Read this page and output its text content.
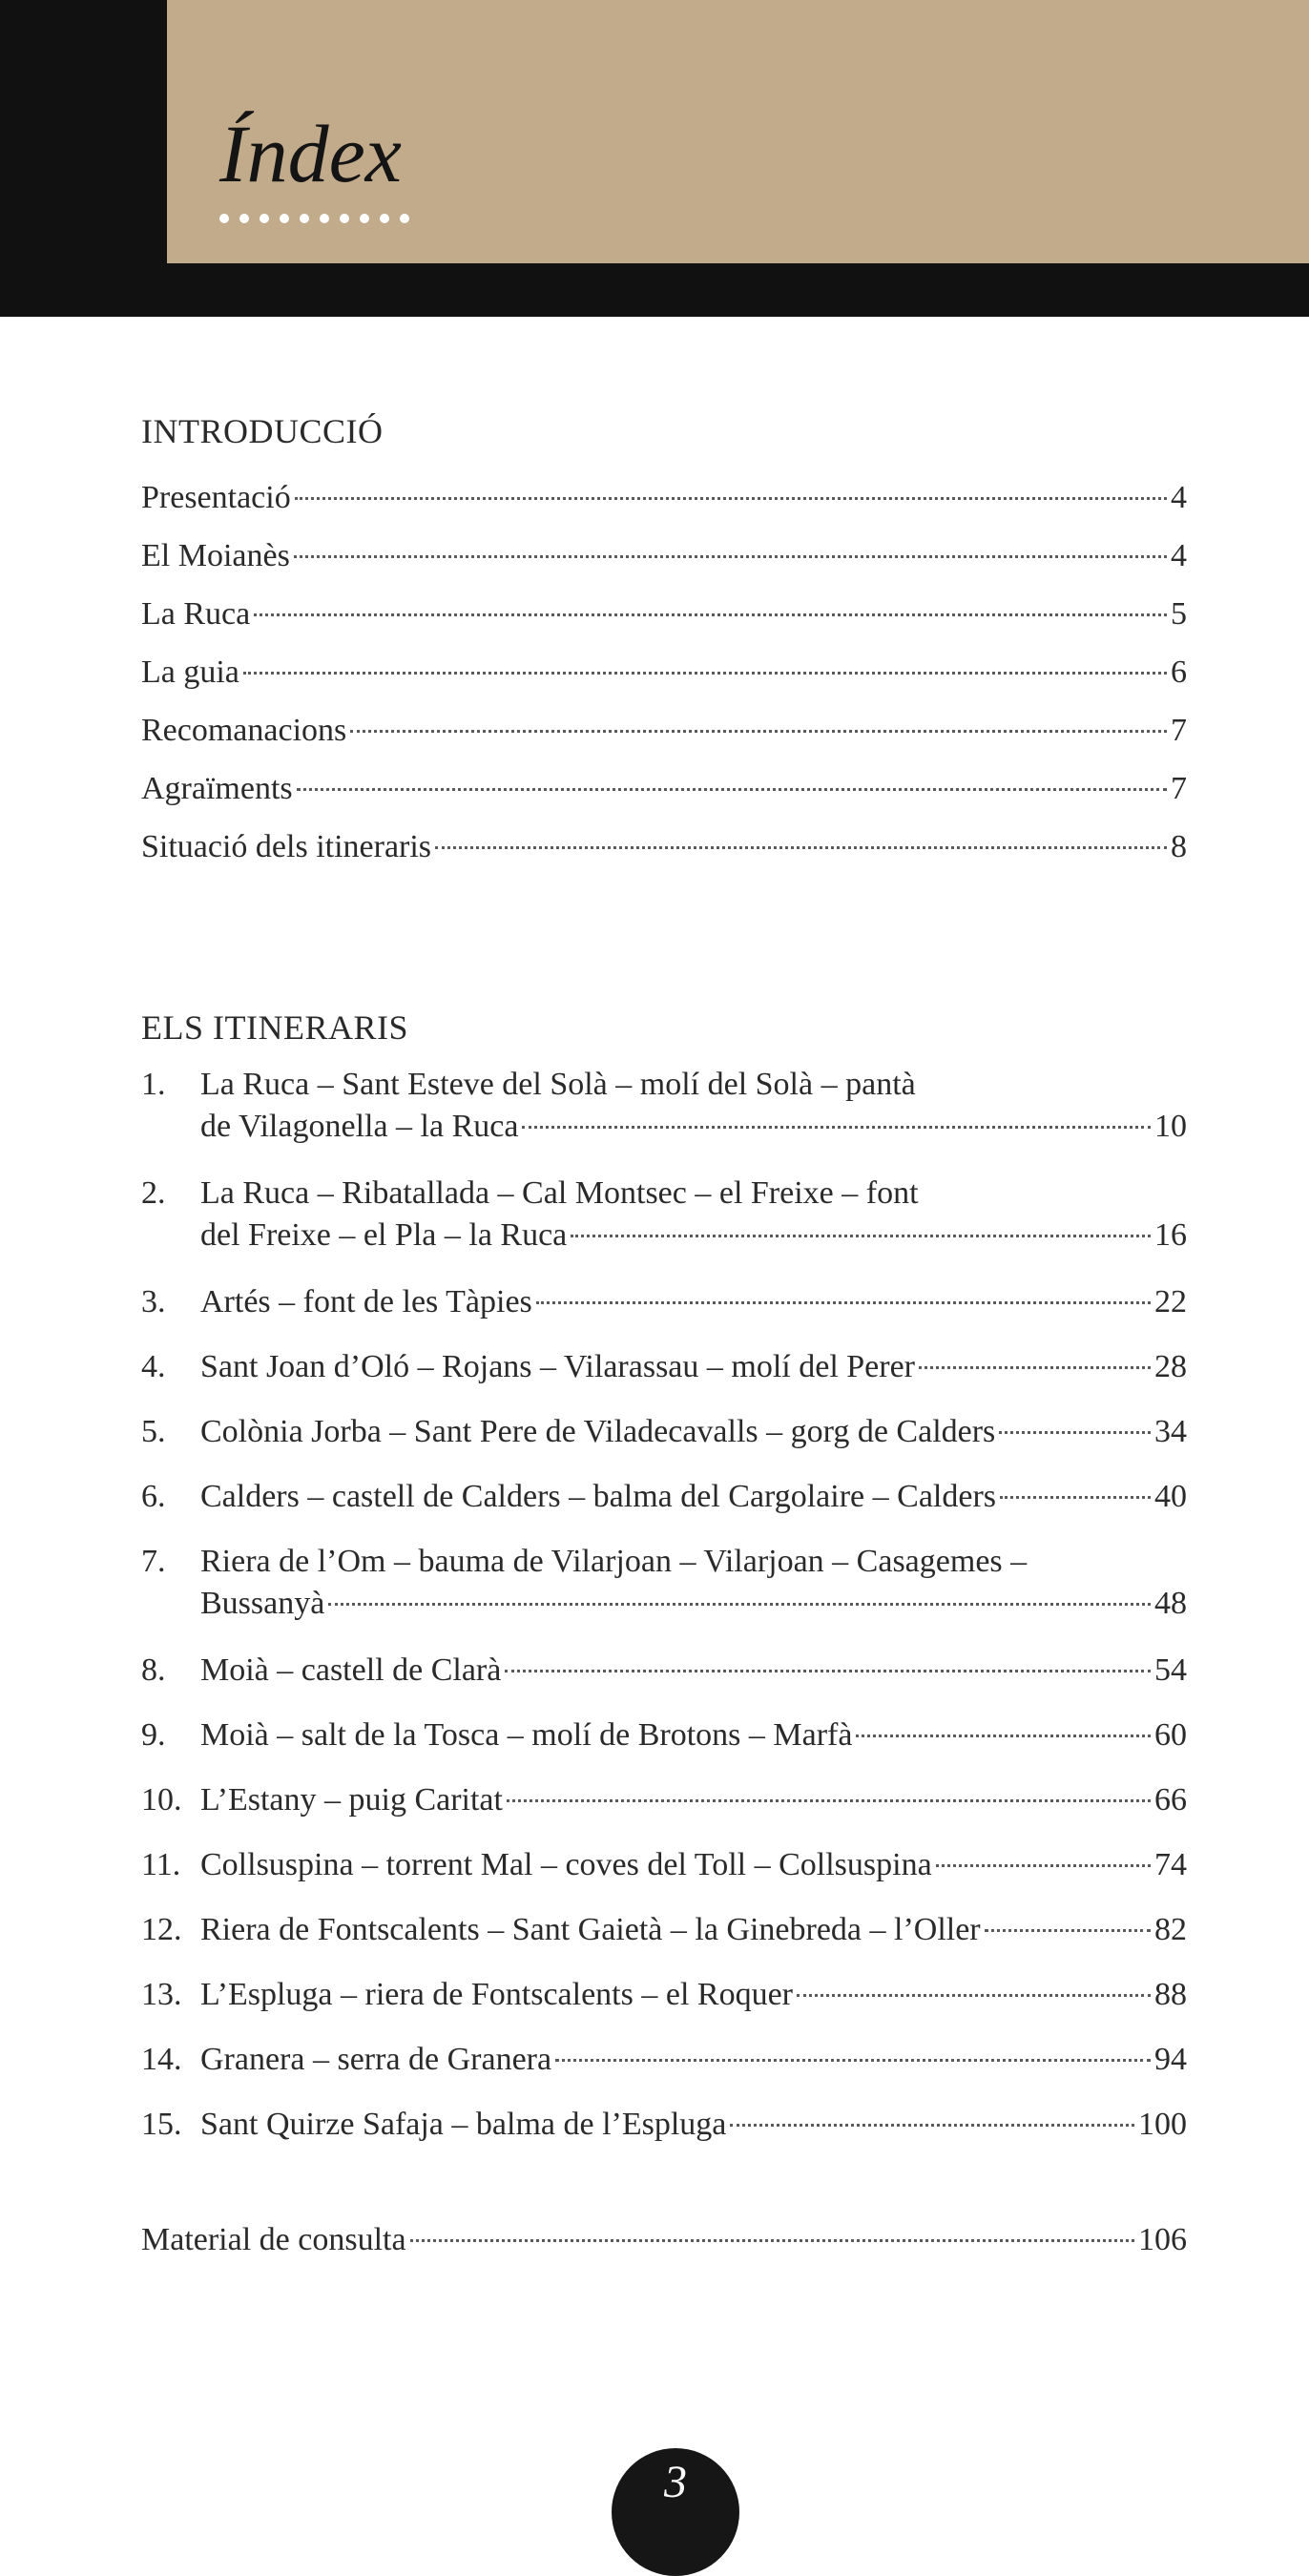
Índex
INTRODUCCIÓ
Presentació	4
El Moianès	4
La Ruca	5
La guia	6
Recomanacions	7
Agraïments	7
Situació dels itineraris	8
ELS ITINERARIS
1. La Ruca – Sant Esteve del Solà – molí del Solà – pantà
de Vilagonella – la Ruca	10
2. La Ruca – Ribatallada – Cal Montsec – el Freixe – font
del Freixe – el Pla – la Ruca	16
3. Artés – font de les Tàpies	22
4. Sant Joan d’Oló – Rojans – Vilarassau – molí del Perer	28
5. Colònia Jorba – Sant Pere de Viladecavalls – gorg de Calders	34
6. Calders – castell de Calders – balma del Cargolaire – Calders	40
7. Riera de l’Om – bauma de Vilarjoan – Vilarjoan – Casagemes –
Bussanyà	48
8. Moià – castell de Clarà	54
9. Moià – salt de la Tosca – molí de Brotons – Marfà	60
10. L’Estany – puig Caritat	66
11. Collsuspina – torrent Mal – coves del Toll – Collsuspina	74
12. Riera de Fontscalents – Sant Gaietà – la Ginebreda – l’Oller	82
13. L’Espluga – riera de Fontscalents – el Roquer	88
14. Granera – serra de Granera	94
15. Sant Quirze Safaja – balma de l’Espluga	100
Material de consulta	106
3
